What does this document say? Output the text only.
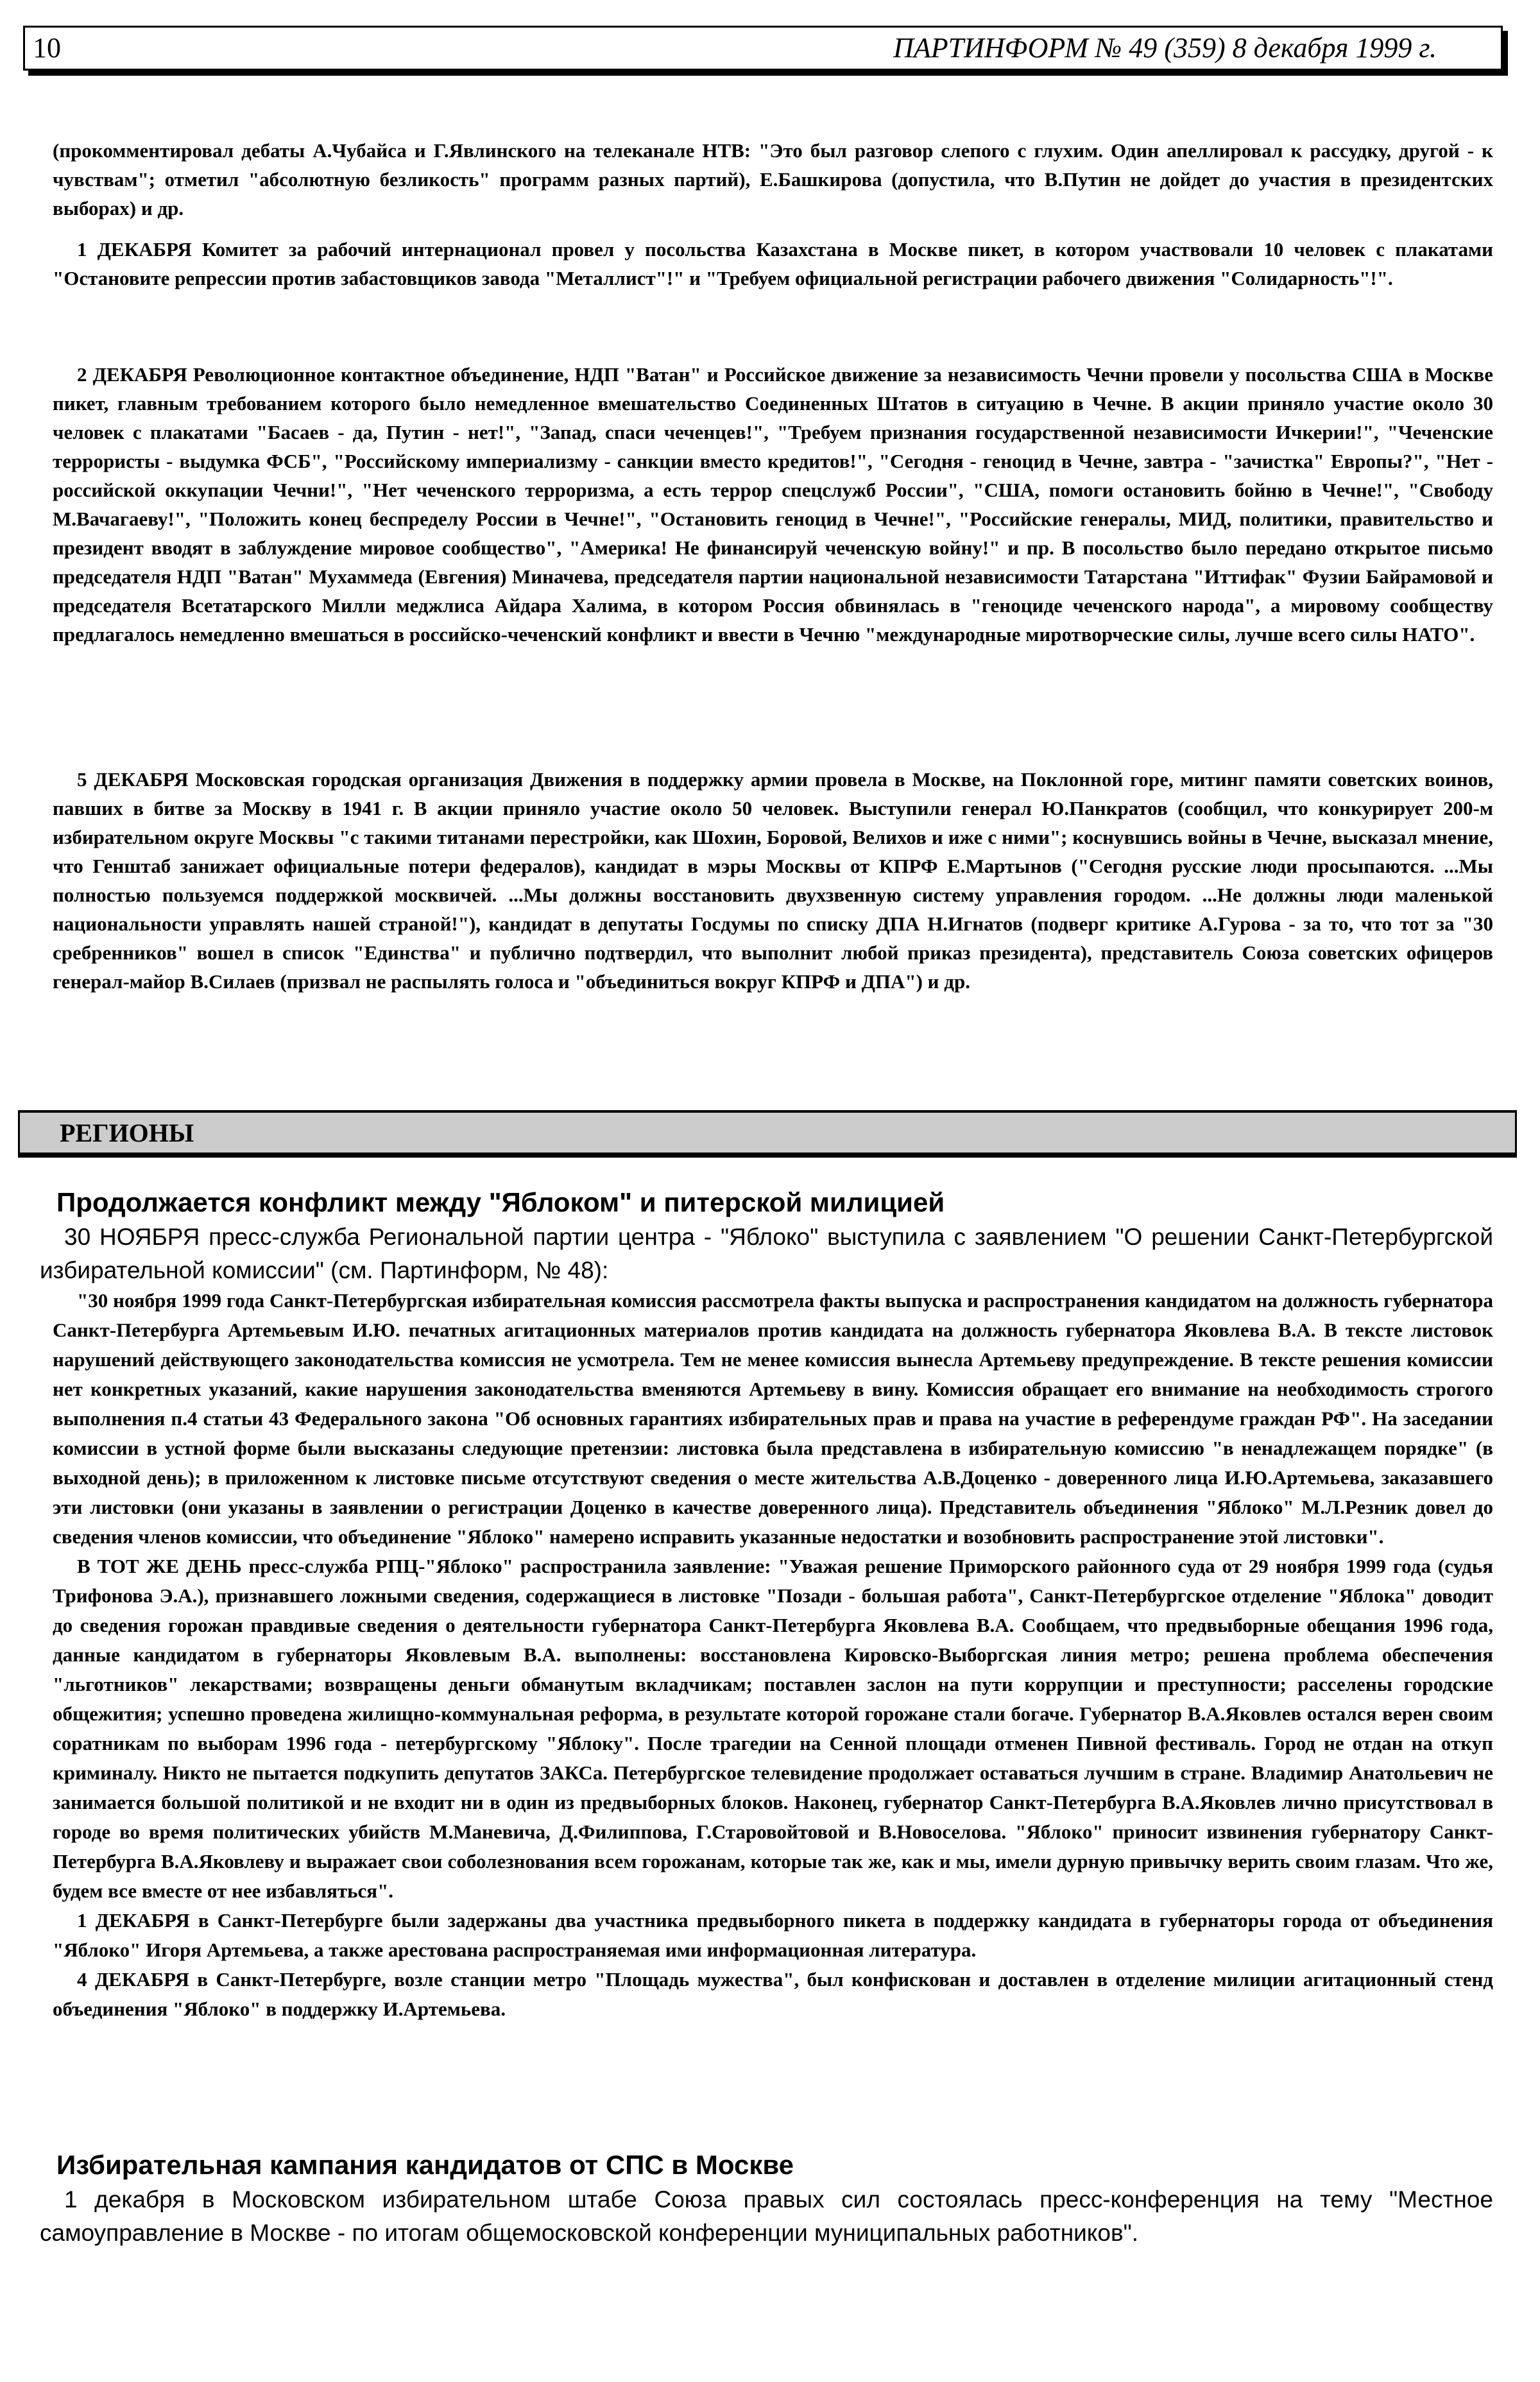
10	ПАРТИНФОРМ № 49 (359) 8 декабря 1999 г.

(прокомментировал дебаты А.Чубайса и Г.Явлинского на телеканале НТВ: "Это был разговор слепого с глухим. Один апеллировал к рассудку, другой - к чувствам"; отметил "абсолютную безликость" программ разных партий), Е.Башкирова (допустила, что В.Путин не дойдет до участия в президентских выборах) и др.

1 ДЕКАБРЯ Комитет за рабочий интернационал провел у посольства Казахстана в Москве пикет, в котором участвовали 10 человек с плакатами "Остановите репрессии против забастовщиков завода "Металлист"!" и "Требуем официальной регистрации рабочего движения "Солидарность"!".

2 ДЕКАБРЯ Революционное контактное объединение, НДП "Ватан" и Российское движение за независимость Чечни провели у посольства США в Москве пикет, главным требованием которого было немедленное вмешательство Соединенных Штатов в ситуацию в Чечне. В акции приняло участие около 30 человек с плакатами "Басаев - да, Путин - нет!", "Запад, спаси чеченцев!", "Требуем признания государственной независимости Ичкерии!", "Чеченские террористы - выдумка ФСБ", "Российскому империализму - санкции вместо кредитов!", "Сегодня - геноцид в Чечне, завтра - "зачистка" Европы?", "Нет - российской оккупации Чечни!", "Нет чеченского терроризма, а есть террор спецслужб России", "США, помоги остановить бойню в Чечне!", "Свободу М.Вачагаеву!", "Положить конец беспределу России в Чечне!", "Остановить геноцид в Чечне!", "Российские генералы, МИД, политики, правительство и президент вводят в заблуждение мировое сообщество", "Америка! Не финансируй чеченскую войну!" и пр. В посольство было передано открытое письмо председателя НДП "Ватан" Мухаммеда (Евгения) Миначева, председателя партии национальной независимости Татарстана "Иттифак" Фузии Байрамовой и председателя Всетатарского Милли меджлиса Айдара Халима, в котором Россия обвинялась в "геноциде чеченского народа", а мировому сообществу предлагалось немедленно вмешаться в российско-чеченский конфликт и ввести в Чечню "международные миротворческие силы, лучше всего силы НАТО".

5 ДЕКАБРЯ Московская городская организация Движения в поддержку армии провела в Москве, на Поклонной горе, митинг памяти советских воинов, павших в битве за Москву в 1941 г. В акции приняло участие около 50 человек. Выступили генерал Ю.Панкратов (сообщил, что конкурирует 200-м избирательном округе Москвы "с такими титанами перестройки, как Шохин, Боровой, Велихов и иже с ними"; коснувшись войны в Чечне, высказал мнение, что Генштаб занижает официальные потери федералов), кандидат в мэры Москвы от КПРФ Е.Мартынов ("Сегодня русские люди просыпаются. ...Мы полностью пользуемся поддержкой москвичей. ...Мы должны восстановить двухзвенную систему управления городом. ...Не должны люди маленькой национальности управлять нашей страной!"), кандидат в депутаты Госдумы по списку ДПА Н.Игнатов (подверг критике А.Гурова - за то, что тот за "30 сребренников" вошел в список "Единства" и публично подтвердил, что выполнит любой приказ президента), представитель Союза советских офицеров генерал-майор В.Силаев (призвал не распылять голоса и "объединиться вокруг КПРФ и ДПА") и др.

РЕГИОНЫ
Продолжается конфликт между "Яблоком" и питерской милицией

30 НОЯБРЯ пресс-служба Региональной партии центра - "Яблоко" выступила с заявлением "О решении Санкт-Петербургской избирательной комиссии" (см. Партинформ, № 48):

"30 ноября 1999 года Санкт-Петербургская избирательная комиссия рассмотрела факты выпуска и распространения кандидатом на должность губернатора Санкт-Петербурга Артемьевым И.Ю. печатных агитационных материалов против кандидата на должность губернатора Яковлева В.А. В тексте листовок нарушений действующего законодательства комиссия не усмотрела. Тем не менее комиссия вынесла Артемьеву предупреждение. В тексте решения комиссии нет конкретных указаний, какие нарушения законодательства вменяются Артемьеву в вину. Комиссия обращает его внимание на необходимость строгого выполнения п.4 статьи 43 Федерального закона "Об основных гарантиях избирательных прав и права на участие в референдуме граждан РФ". На заседании комиссии в устной форме были высказаны следующие претензии: листовка была представлена в избирательную комиссию "в ненадлежащем порядке" (в выходной день); в приложенном к листовке письме отсутствуют сведения о месте жительства А.В.Доценко - доверенного лица И.Ю.Артемьева, заказавшего эти листовки (они указаны в заявлении о регистрации Доценко в качестве доверенного лица). Представитель объединения "Яблоко" М.Л.Резник довел до сведения членов комиссии, что объединение "Яблоко" намерено исправить указанные недостатки и возобновить распространение этой листовки".

В ТОТ ЖЕ ДЕНЬ пресс-служба РПЦ-"Яблоко" распространила заявление: "Уважая решение Приморского районного суда от 29 ноября 1999 года (судья Трифонова Э.А.), признавшего ложными сведения, содержащиеся в листовке "Позади - большая работа", Санкт-Петербургское отделение "Яблока" доводит до сведения горожан правдивые сведения о деятельности губернатора Санкт-Петербурга Яковлева В.А. Сообщаем, что предвыборные обещания 1996 года, данные кандидатом в губернаторы Яковлевым В.А. выполнены: восстановлена Кировско-Выборгская линия метро; решена проблема обеспечения "льготников" лекарствами; возвращены деньги обманутым вкладчикам; поставлен заслон на пути коррупции и преступности; расселены городские общежития; успешно проведена жилищно-коммунальная реформа, в результате которой горожане стали богаче. Губернатор В.А.Яковлев остался верен своим соратникам по выборам 1996 года - петербургскому "Яблоку". После трагедии на Сенной площади отменен Пивной фестиваль. Город не отдан на откуп криминалу. Никто не пытается подкупить депутатов ЗАКСа. Петербургское телевидение продолжает оставаться лучшим в стране. Владимир Анатольевич не занимается большой политикой и не входит ни в один из предвыборных блоков. Наконец, губернатор Санкт-Петербурга В.А.Яковлев лично присутствовал в городе во время политических убийств М.Маневича, Д.Филиппова, Г.Старовойтовой и В.Новоселова. "Яблоко" приносит извинения губернатору Санкт-Петербурга В.А.Яковлеву и выражает свои соболезнования всем горожанам, которые так же, как и мы, имели дурную привычку верить своим глазам. Что же, будем все вместе от нее избавляться".

1 ДЕКАБРЯ в Санкт-Петербурге были задержаны два участника предвыборного пикета в поддержку кандидата в губернаторы города от объединения "Яблоко" Игоря Артемьева, а также арестована распространяемая ими информационная литература.

4 ДЕКАБРЯ в Санкт-Петербурге, возле станции метро "Площадь мужества", был конфискован и доставлен в отделение милиции агитационный стенд объединения "Яблоко" в поддержку И.Артемьева.

Избирательная кампания кандидатов от СПС в Москве

1 декабря в Московском избирательном штабе Союза правых сил состоялась пресс-конференция на тему "Местное самоуправление в Москве - по итогам общемосковской конференции муниципальных работников".
